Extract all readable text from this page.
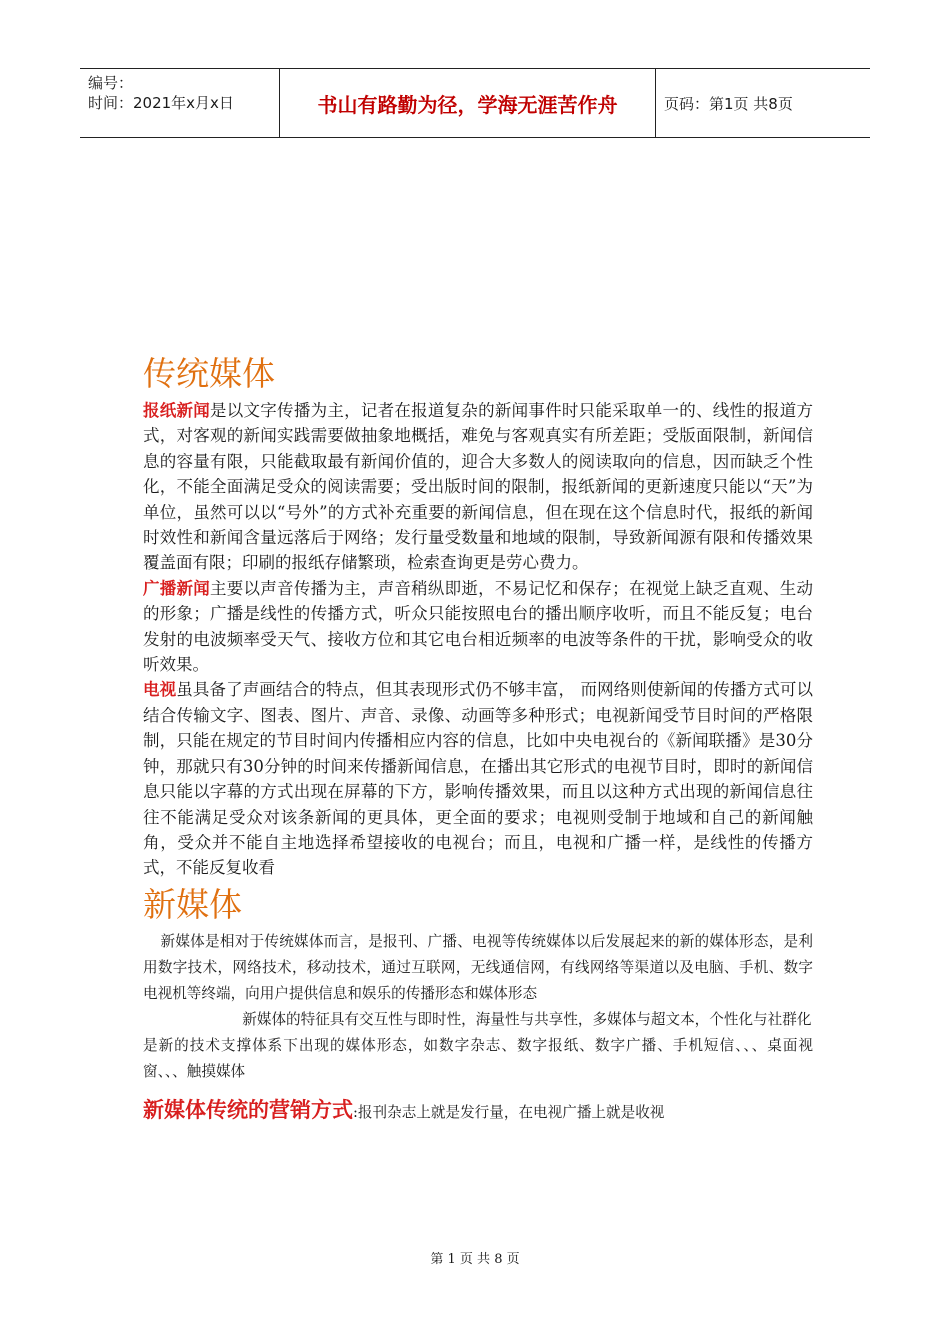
编号：
时间：2021年x月x日	书山有路勤为径，学海无涯苦作舟	页码：第1页 共8页
传统媒体

报纸新闻是以文字传播为主，记者在报道复杂的新闻事件时只能采取单一的、线性的报道方式，对客观的新闻实践需要做抽象地概括，难免与客观真实有所差距；受版面限制，新闻信息的容量有限，只能截取最有新闻价值的，迎合大多数人的阅读取向的信息，因而缺乏个性化，不能全面满足受众的阅读需要；受出版时间的限制，报纸新闻的更新速度只能以“天”为单位，虽然可以以“号外”的方式补充重要的新闻信息，但在现在这个信息时代，报纸的新闻时效性和新闻含量远落后于网络；发行量受数量和地域的限制，导致新闻源有限和传播效果覆盖面有限；印刷的报纸存储繁琐，检索查询更是劳心费力。

广播新闻主要以声音传播为主，声音稍纵即逝，不易记忆和保存；在视觉上缺乏直观、生动的形象；广播是线性的传播方式，听众只能按照电台的播出顺序收听，而且不能反复；电台发射的电波频率受天气、接收方位和其它电台相近频率的电波等条件的干扰，影响受众的收听效果。

电视虽具备了声画结合的特点，但其表现形式仍不够丰富， 而网络则使新闻的传播方式可以结合传输文字、图表、图片、声音、录像、动画等多种形式；电视新闻受节目时间的严格限制，只能在规定的节目时间内传播相应内容的信息，比如中央电视台的《新闻联播》是30分钟，那就只有30分钟的时间来传播新闻信息，在播出其它形式的电视节目时，即时的新闻信息只能以字幕的方式出现在屏幕的下方，影响传播效果，而且以这种方式出现的新闻信息往往不能满足受众对该条新闻的更具体，更全面的要求；电视则受制于地域和自己的新闻触角，受众并不能自主地选择希望接收的电视台；而且，电视和广播一样，是线性的传播方式，不能反复收看

新媒体

新媒体是相对于传统媒体而言，是报刊、广播、电视等传统媒体以后发展起来的新的媒体形态，是利用数字技术，网络技术，移动技术，通过互联网，无线通信网，有线网络等渠道以及电脑、手机、数字电视机等终端，向用户提供信息和娱乐的传播形态和媒体形态

新媒体的特征具有交互性与即时性，海量性与共享性，多媒体与超文本，个性化与社群化

是新的技术支撑体系下出现的媒体形态，如数字杂志、数字报纸、数字广播、手机短信、、、桌面视窗、、、触摸媒体

新媒体传统的营销方式:报刊杂志上就是发行量，在电视广播上就是收视

第 1 页 共 8 页
